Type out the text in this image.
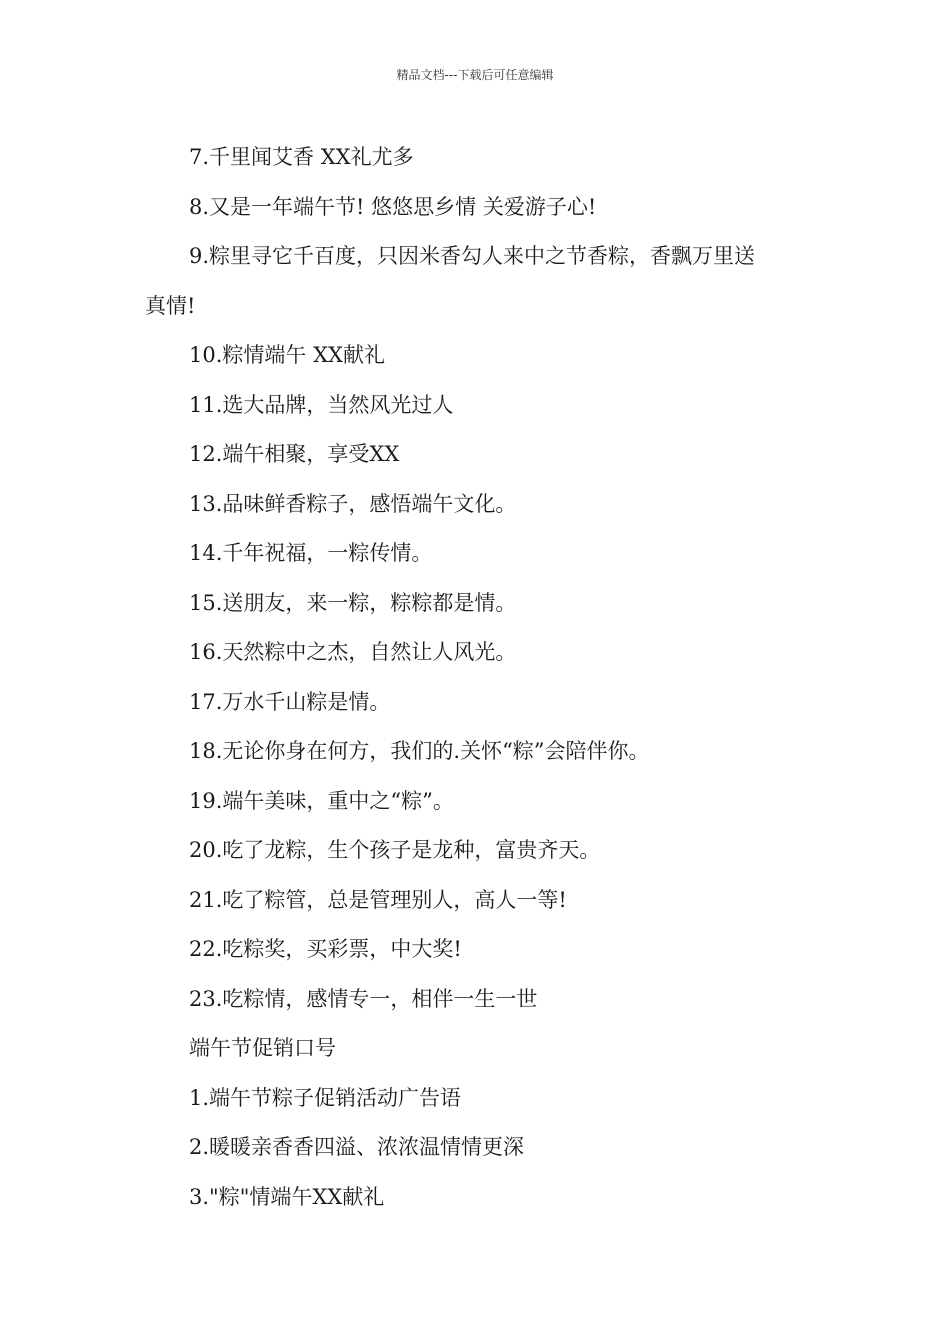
精品文档---下载后可任意编辑
7.千里闻艾香 XX礼尤多
8.又是一年端午节! 悠悠思乡情 关爱游子心!
9.粽里寻它千百度，只因米香勾人来中之节香粽，香飘万里送
真情!
10.粽情端午 XX献礼
11.选大品牌，当然风光过人
12.端午相聚，享受XX
13.品味鲜香粽子，感悟端午文化。
14.千年祝福，一粽传情。
15.送朋友，来一粽，粽粽都是情。
16.天然粽中之杰，自然让人风光。
17.万水千山粽是情。
18.无论你身在何方，我们的.关怀“粽”会陪伴你。
19.端午美味，重中之“粽”。
20.吃了龙粽，生个孩子是龙种，富贵齐天。
21.吃了粽管，总是管理别人，高人一等!
22.吃粽奖，买彩票，中大奖!
23.吃粽情，感情专一，相伴一生一世
端午节促销口号
1.端午节粽子促销活动广告语
2.暖暖亲香香四溢、浓浓温情情更深
3."粽"情端午XX献礼
